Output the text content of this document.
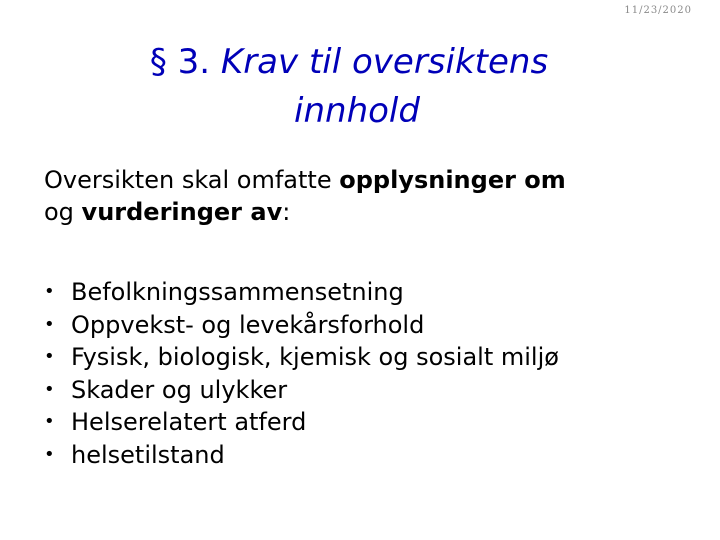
11/23/2020
§ 3. Krav til oversiktens
innhold
Oversikten skal omfatte opplysninger om
og vurderinger av:
• Befolkningssammensetning
• Oppvekst- og levekårsforhold
• Fysisk, biologisk, kjemisk og sosialt miljø
• Skader og ulykker
• Helserelatert atferd
• helsetilstand
